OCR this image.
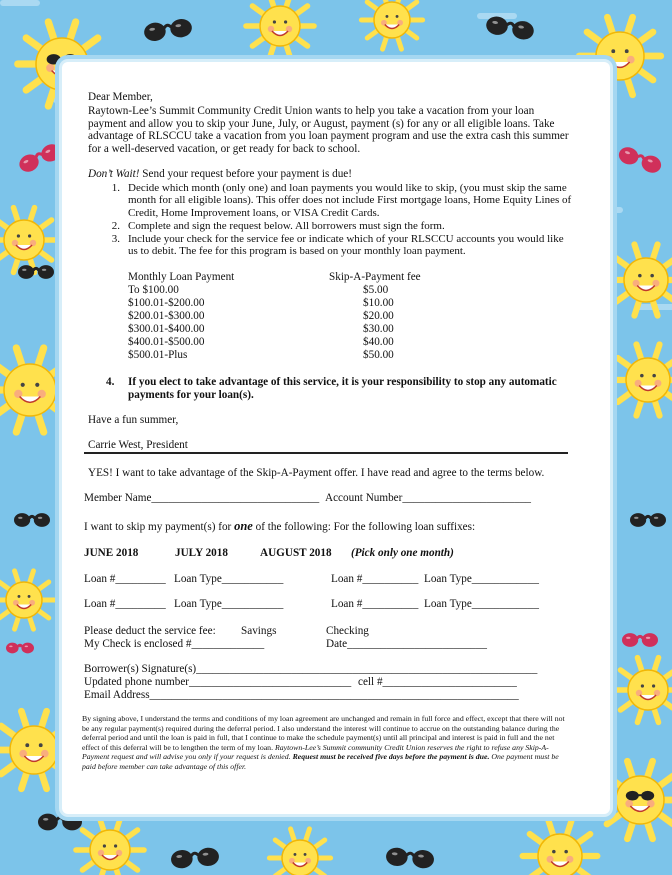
Dear Member,
Raytown-Lee’s Summit Community Credit Union wants to help you take a vacation from your loan payment and allow you to skip your June, July, or August, payment (s) for any or all eligible loans. Take advantage of RLSCCU take a vacation from you loan payment program and use the extra cash this summer for a well-deserved vacation, or get ready for back to school.
Don’t Wait! Send your request before your payment is due!
1. Decide which month (only one) and loan payments you would like to skip, (you must skip the same month for all eligible loans). This offer does not include First mortgage loans, Home Equity Lines of Credit, Home Improvement loans, or VISA Credit Cards.
2. Complete and sign the request below. All borrowers must sign the form.
3. Include your check for the service fee or indicate which of your RLSCCU accounts you would like us to debit. The fee for this program is based on your monthly loan payment.
Monthly Loan Payment	Skip-A-Payment fee
To $100.00	$5.00
$100.01-$200.00	$10.00
$200.01-$300.00	$20.00
$300.01-$400.00	$30.00
$400.01-$500.00	$40.00
$500.01-Plus	$50.00
4.	If you elect to take advantage of this service, it is your responsibility to stop any automatic payments for your loan(s).
Have a fun summer,
Carrie West, President
YES! I want to take advantage of the Skip-A-Payment offer. I have read and agree to the terms below.
Member Name______________________________ Account Number_______________________
I want to skip my payment(s) for one of the following: For the following loan suffixes:
JUNE 2018	JULY 2018	AUGUST 2018 (Pick only one month)
Loan #_________ Loan Type___________	Loan #__________ Loan Type____________
Loan #_________ Loan Type___________	Loan #__________ Loan Type____________
Please deduct the service fee: Savings	Checking
My Check is enclosed #_____________	Date_________________________
Borrower(s) Signature(s)_____________________________________________________________
Updated phone number_____________________________ cell #________________________
Email Address__________________________________________________________________
By signing above, I understand the terms and conditions of my loan agreement are unchanged and remain in full force and effect, except that there will not be any regular payment(s) required during the deferral period. I also understand the interest will continue to accrue on the outstanding balance during the deferral period and until the loan is paid in full, that I continue to make the schedule payment(s) until all principal and interest is paid in full and the net effect of this deferral will be to lengthen the term of my loan. Raytown-Lee’s Summit community Credit Union reserves the right to refuse any Skip-A-Payment request and will advise you only if your request is denied. Request must be received five days before the payment is due. One payment must be paid before member can take advantage of this offer.
